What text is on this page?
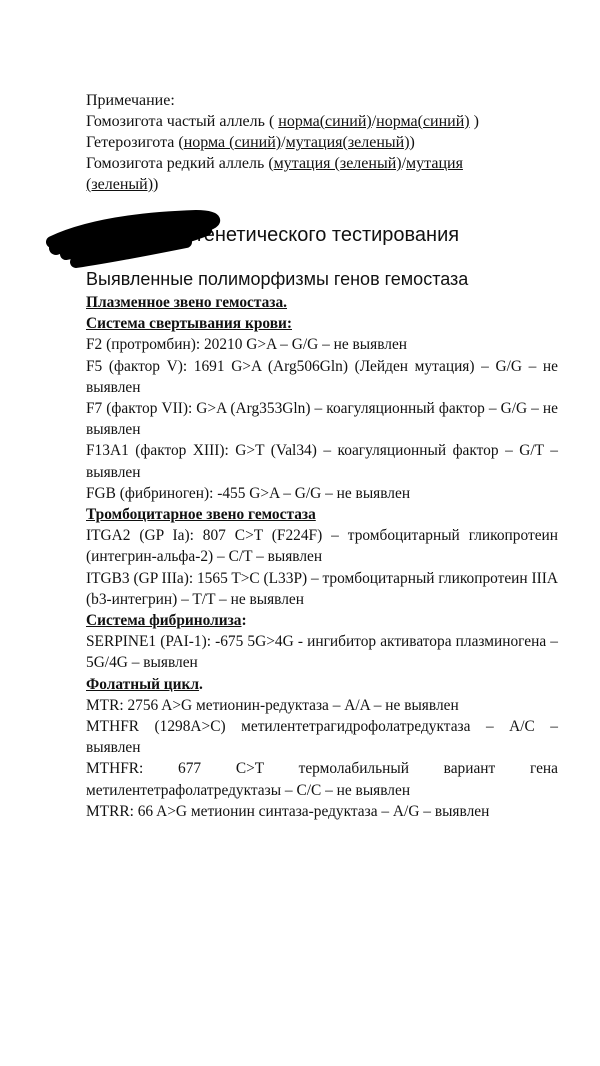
Примечание:

Гомозигота частый аллель ( норма(синий)/норма(синий) )

Гетерозигота (норма (синий)/мутация(зеленый))

Гомозигота редкий аллель (мутация (зеленый)/мутация
(зеленый))

Результаты генетического тестирования
Выявленные полиморфизмы генов гемостаза

Плазменное звено гемостаза.

Система свертывания крови:

F2 (протромбин): 20210 G>A – G/G – не выявлен

F5 (фактор V): 1691 G>A (Arg506Gln) (Лейден мутация) – G/G – не выявлен

F7 (фактор VII): G>A (Arg353Gln) – коагуляционный фактор – G/G – не выявлен

F13A1 (фактор XIII): G>T (Val34) – коагуляционный фактор – G/T – выявлен

FGB (фибриноген): -455 G>A – G/G – не выявлен

Тромбоцитарное звено гемостаза

ITGA2 (GP Ia): 807 C>T (F224F) – тромбоцитарный гликопротеин (интегрин-альфа-2) – C/T – выявлен

ITGB3 (GP IIIa): 1565 T>C (L33P) – тромбоцитарный гликопротеин IIIA (b3-интегрин) – T/T – не выявлен

Система фибринолиза:

SERPINE1 (PAI-1): -675 5G>4G - ингибитор активатора плазминогена – 5G/4G – выявлен

Фолатный цикл.

MTR: 2756 A>G метионин-редуктаза – A/A – не выявлен

MTHFR (1298A>C) метилентетрагидрофолатредуктаза – A/C – выявлен

MTHFR: 677 C>T термолабильный вариант гена метилентетрафолатредуктазы – C/C – не выявлен

MTRR: 66 A>G метионин синтаза-редуктаза – A/G – выявлен
